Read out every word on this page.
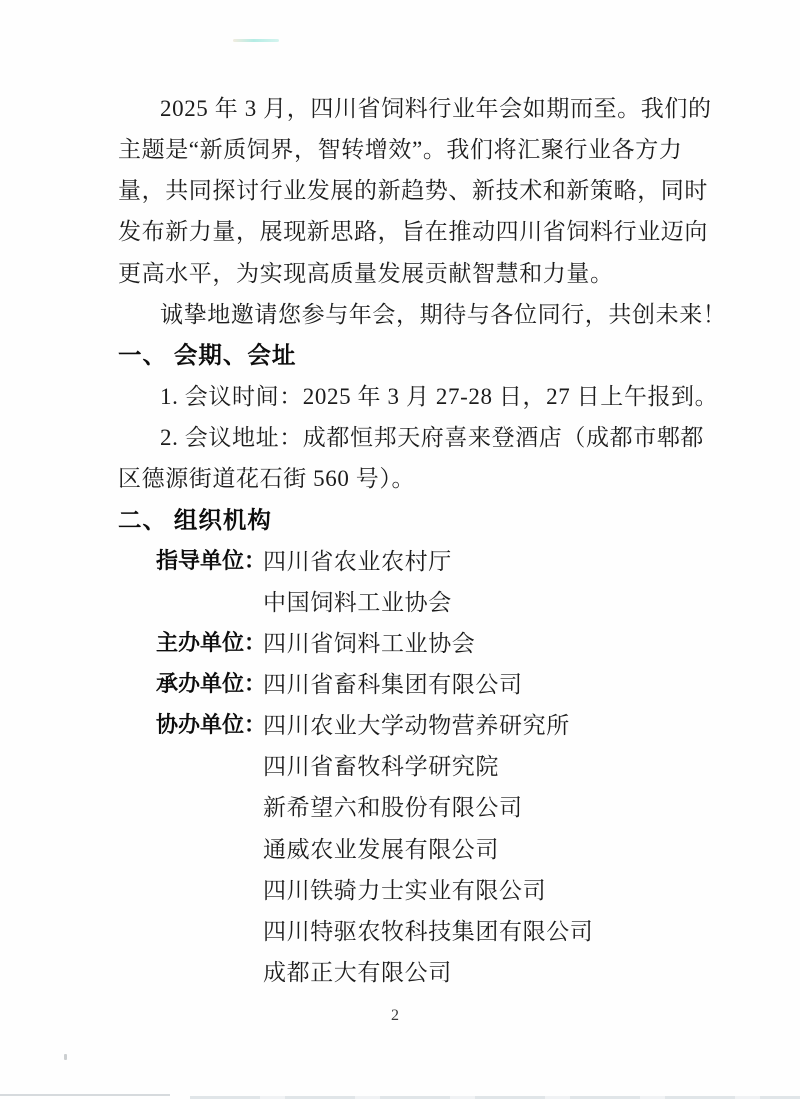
2025 年 3 月，四川省饲料行业年会如期而至。我们的
主题是“新质饲界，智转增效”。我们将汇聚行业各方力
量，共同探讨行业发展的新趋势、新技术和新策略，同时
发布新力量，展现新思路，旨在推动四川省饲料行业迈向
更高水平，为实现高质量发展贡献智慧和力量。
诚挚地邀请您参与年会，期待与各位同行，共创未来！
一、 会期、会址
1. 会议时间：2025 年 3 月 27-28 日，27 日上午报到。
2. 会议地址：成都恒邦天府喜来登酒店（成都市郫都
区德源街道花石街 560 号）。
二、 组织机构
指导单位：
四川省农业农村厅
中国饲料工业协会
主办单位：
四川省饲料工业协会
承办单位：
四川省畜科集团有限公司
协办单位：
四川农业大学动物营养研究所
四川省畜牧科学研究院
新希望六和股份有限公司
通威农业发展有限公司
四川铁骑力士实业有限公司
四川特驱农牧科技集团有限公司
成都正大有限公司
2
